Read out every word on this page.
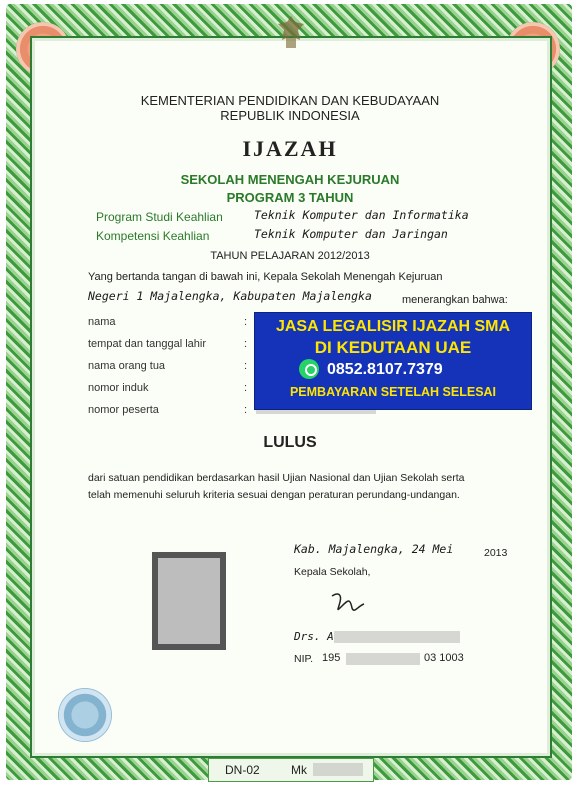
KEMENTERIAN PENDIDIKAN DAN KEBUDAYAAN
REPUBLIK INDONESIA
IJAZAH
SEKOLAH MENENGAH KEJURUAN
PROGRAM 3 TAHUN
Program Studi Keahlian	Teknik Komputer dan Informatika
Kompetensi Keahlian	Teknik Komputer dan Jaringan
TAHUN PELAJARAN 2012/2013
Yang bertanda tangan di bawah ini, Kepala Sekolah Menengah Kejuruan
Negeri 1 Majalengka, Kabupaten Majalengka	menerangkan bahwa:
nama	:
tempat dan tanggal lahir	:
nama orang tua	:
nomor induk	:
nomor peserta	:
JASA LEGALISIR IJAZAH SMA
DI KEDUTAAN UAE
0852.8107.7379
PEMBAYARAN SETELAH SELESAI
LULUS
dari satuan pendidikan berdasarkan hasil Ujian Nasional dan Ujian Sekolah serta
telah memenuhi seluruh kriteria sesuai dengan peraturan perundang-undangan.
Kab. Majalengka, 24 Mei	2013
Kepala Sekolah,
Drs. A
NIP. 195	03 1003
DN-02	Mk
